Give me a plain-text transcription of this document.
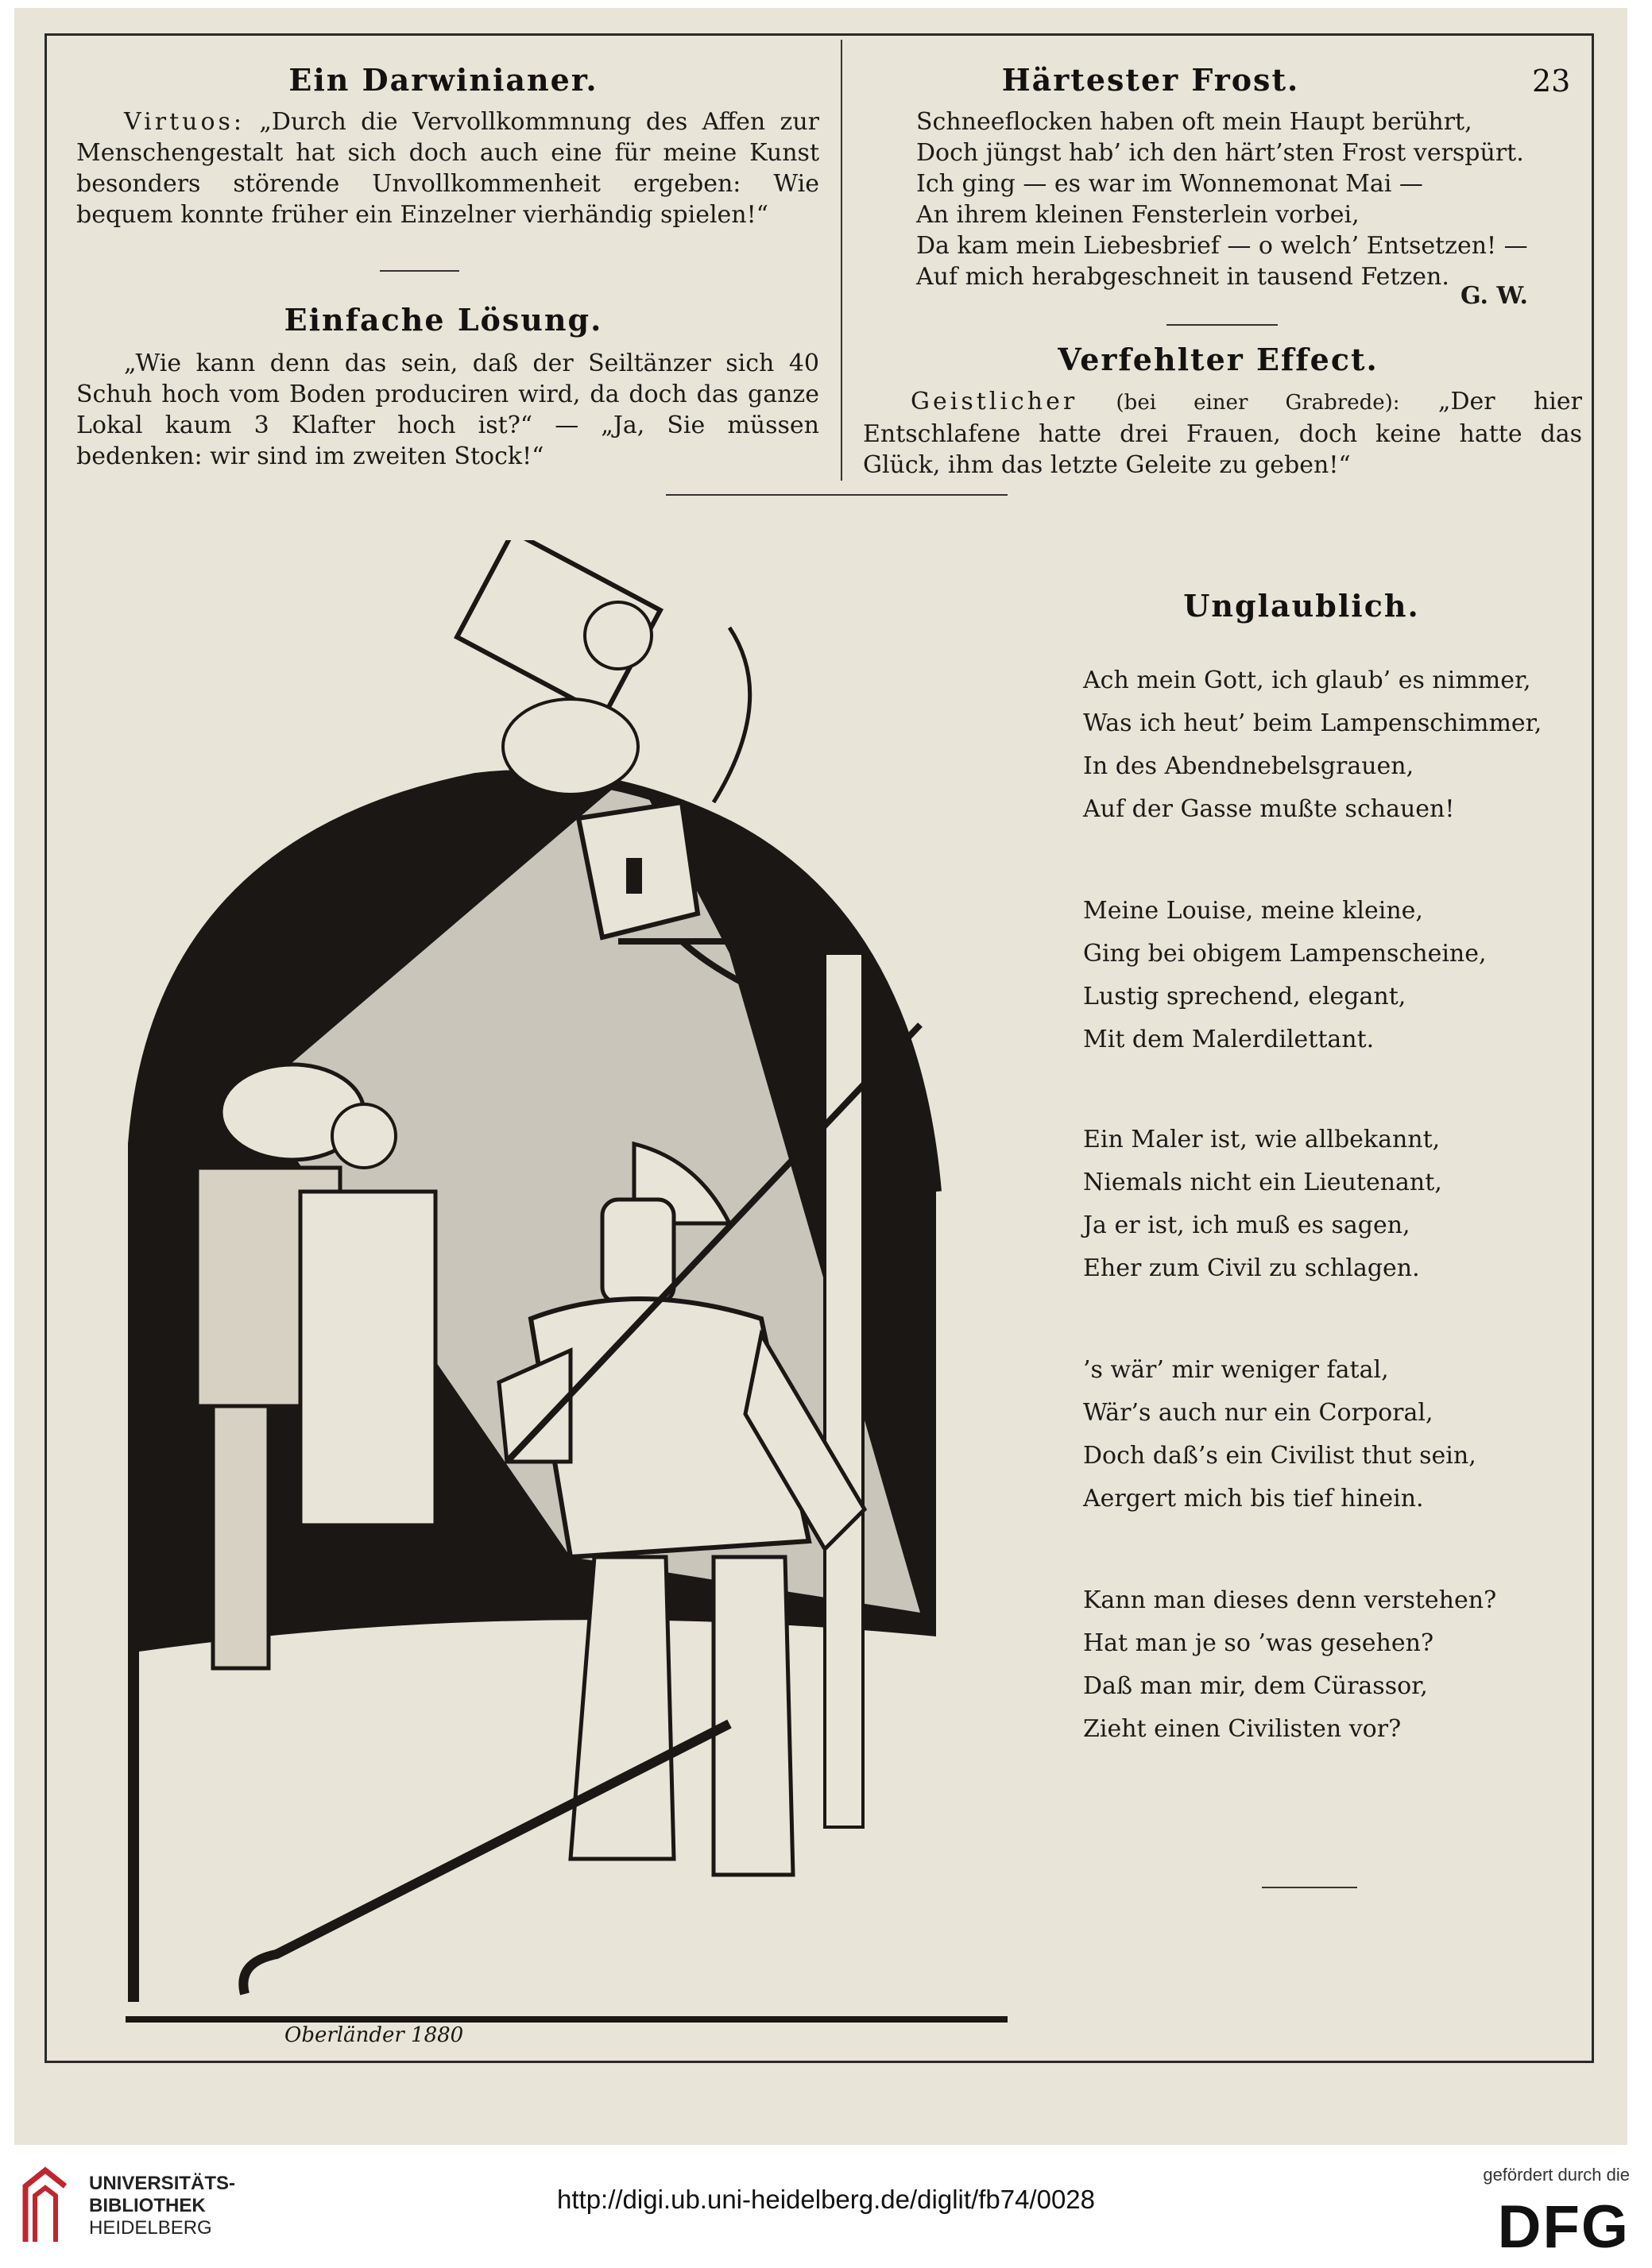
Ein Darwinianer.

Virtuos: „Durch die Vervollkommnung des Affen zur Menschengestalt hat sich doch auch eine für meine Kunst besonders störende Unvollkommenheit ergeben: Wie bequem konnte früher ein Einzelner vierhändig spielen!“

Einfache Lösung.

„Wie kann denn das sein, daß der Seiltänzer sich 40 Schuh hoch vom Boden produciren wird, da doch das ganze Lokal kaum 3 Klafter hoch ist?“ — „Ja, Sie müssen bedenken: wir sind im zweiten Stock!“

Härtester Frost.	23
Schneeflocken haben oft mein Haupt berührt,
Doch jüngst hab’ ich den härt’sten Frost verspürt.
Ich ging — es war im Wonnemonat Mai —
An ihrem kleinen Fensterlein vorbei,
Da kam mein Liebesbrief — o welch’ Entsetzen! —
Auf mich herabgeschneit in tausend Fetzen.
G. W.
Verfehlter Effect.

Geistlicher (bei einer Grabrede): „Der hier Entschlafene hatte drei Frauen, doch keine hatte das Glück, ihm das letzte Geleite zu geben!“

Oberländer 1880
Unglaublich.
Ach mein Gott, ich glaub’ es nimmer,
Was ich heut’ beim Lampenschimmer,
In des Abendnebelsgrauen,
Auf der Gasse mußte schauen!
Meine Louise, meine kleine,
Ging bei obigem Lampenscheine,
Lustig sprechend, elegant,
Mit dem Malerdilettant.
Ein Maler ist, wie allbekannt,
Niemals nicht ein Lieutenant,
Ja er ist, ich muß es sagen,
Eher zum Civil zu schlagen.
’s wär’ mir weniger fatal,
Wär’s auch nur ein Corporal,
Doch daß’s ein Civilist thut sein,
Aergert mich bis tief hinein.
Kann man dieses denn verstehen?
Hat man je so ’was gesehen?
Daß man mir, dem Cürassor,
Zieht einen Civilisten vor?
UNIVERSITÄTS-
BIBLIOTHEK
HEIDELBERG
http://digi.ub.uni-heidelberg.de/diglit/fb74/0028
gefördert durch die
DFG
